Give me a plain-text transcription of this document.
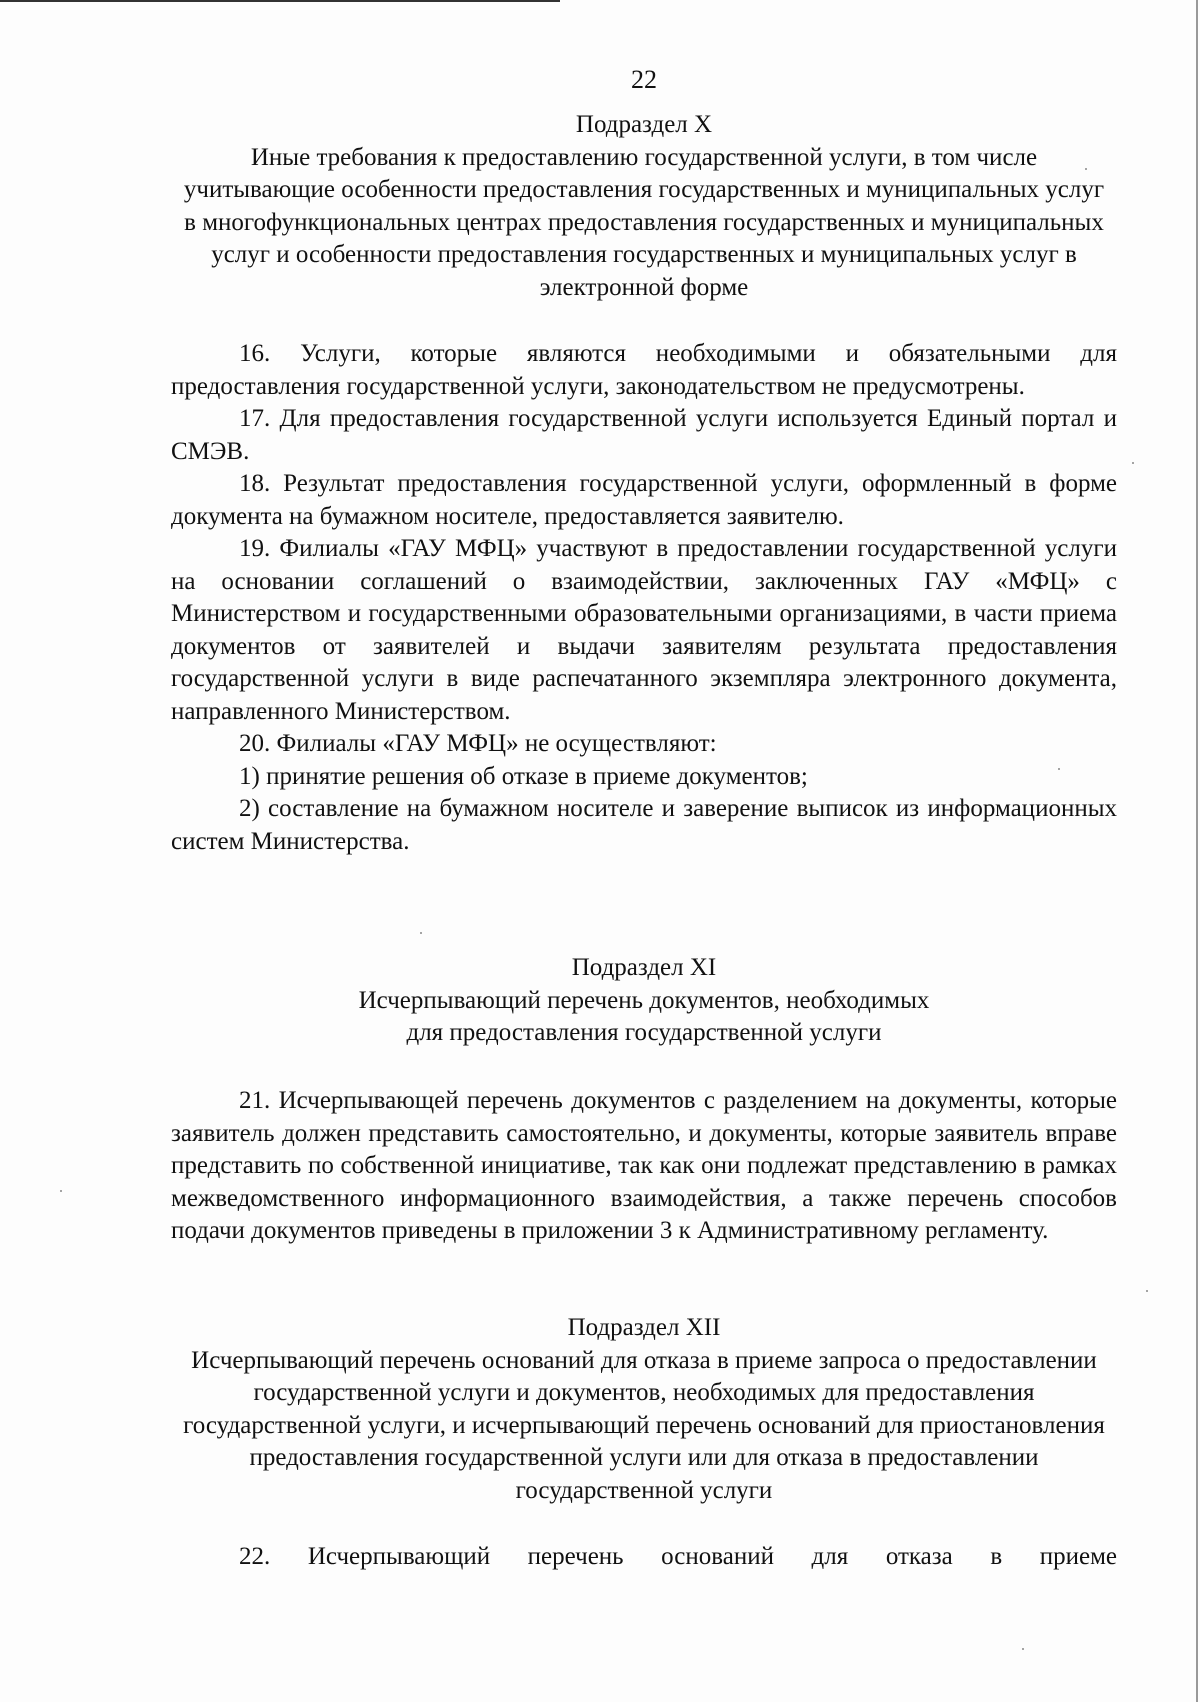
22
Подраздел X
Иные требования к предоставлению государственной услуги, в том числе учитывающие особенности предоставления государственных и муниципальных услуг в многофункциональных центрах предоставления государственных и муниципальных услуг и особенности предоставления государственных и муниципальных услуг в электронной форме

16. Услуги, которые являются необходимыми и обязательными для предоставления государственной услуги, законодательством не предусмотрены.

17. Для предоставления государственной услуги используется Единый портал и СМЭВ.

18. Результат предоставления государственной услуги, оформленный в форме документа на бумажном носителе, предоставляется заявителю.

19. Филиалы «ГАУ МФЦ» участвуют в предоставлении государственной услуги на основании соглашений о взаимодействии, заключенных ГАУ «МФЦ» с Министерством и государственными образовательными организациями, в части приема документов от заявителей и выдачи заявителям результата предоставления государственной услуги в виде распечатанного экземпляра электронного документа, направленного Министерством.

20. Филиалы «ГАУ МФЦ» не осуществляют:

1) принятие решения об отказе в приеме документов;

2) составление на бумажном носителе и заверение выписок из информационных систем Министерства.

Подраздел XI
Исчерпывающий перечень документов, необходимых
для предоставления государственной услуги

21. Исчерпывающей перечень документов с разделением на документы, которые заявитель должен представить самостоятельно, и документы, которые заявитель вправе представить по собственной инициативе, так как они подлежат представлению в рамках межведомственного информационного взаимодействия, а также перечень способов подачи документов приведены в приложении 3 к Административному регламенту.

Подраздел XII
Исчерпывающий перечень оснований для отказа в приеме запроса о предоставлении государственной услуги и документов, необходимых для предоставления государственной услуги, и исчерпывающий перечень оснований для приостановления предоставления государственной услуги или для отказа в предоставлении государственной услуги

22. Исчерпывающий перечень оснований для отказа в приеме
